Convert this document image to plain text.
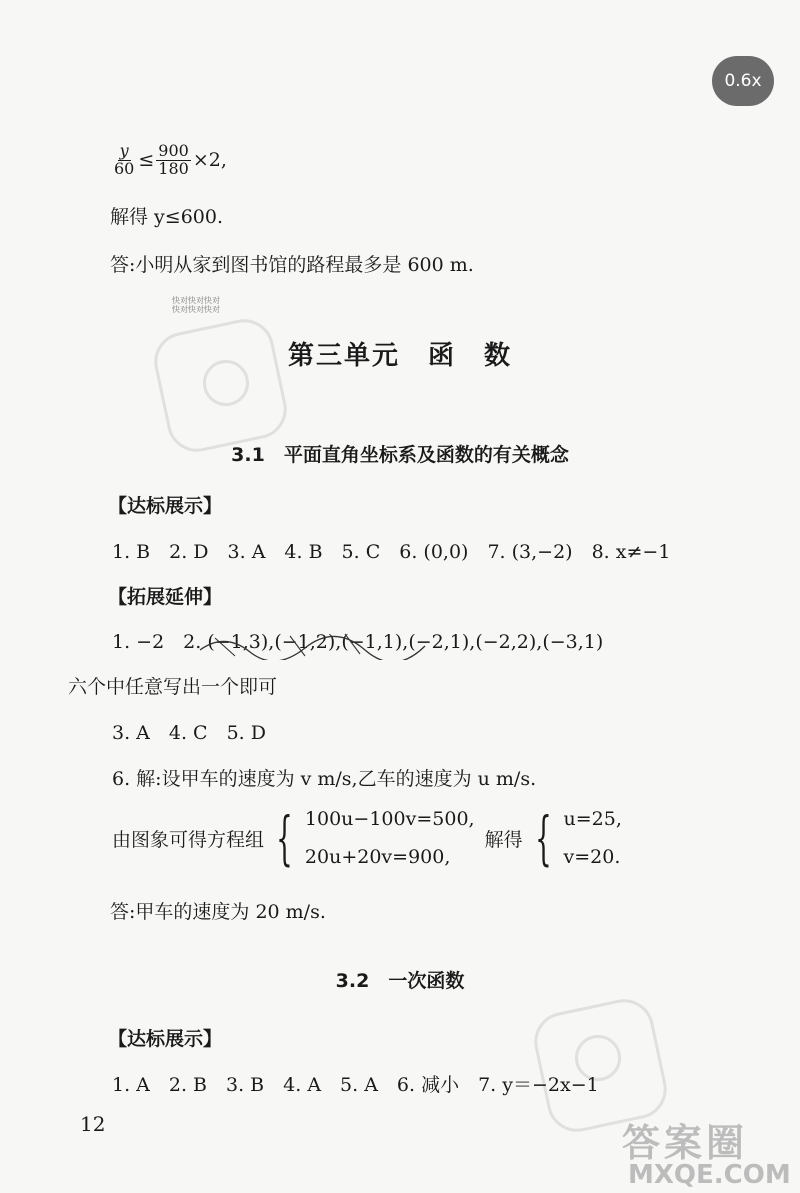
0.6x
$\frac{y}{60} \le \frac{900}{180} \times 2$,
解得 y≤600.
答:小明从家到图书馆的路程最多是 600 m.
快对快对快对
快对快对快对
第三单元　函　数
3.1　平面直角坐标系及函数的有关概念
【达标展示】
1. B　2. D　3. A　4. B　5. C　6. (0,0)　7. (3,−2)　8. x≠−1
【拓展延伸】
1. −2　2. (−1,3),(−1,2),(−1,1),(−2,1),(−2,2),(−3,1)
六个中任意写出一个即可
3. A　4. C　5. D
6. 解:设甲车的速度为 v m/s,乙车的速度为 u m/s.
由图象可得方程组 { 100u−100v=500,
20u+20v=900,
解得 { u=25,
v=20.
答:甲车的速度为 20 m/s.
3.2　一次函数
【达标展示】
1. A　2. B　3. B　4. A　5. A　6. 减小　7. y＝−2x−1
12	答案圈
MXQE.COM
